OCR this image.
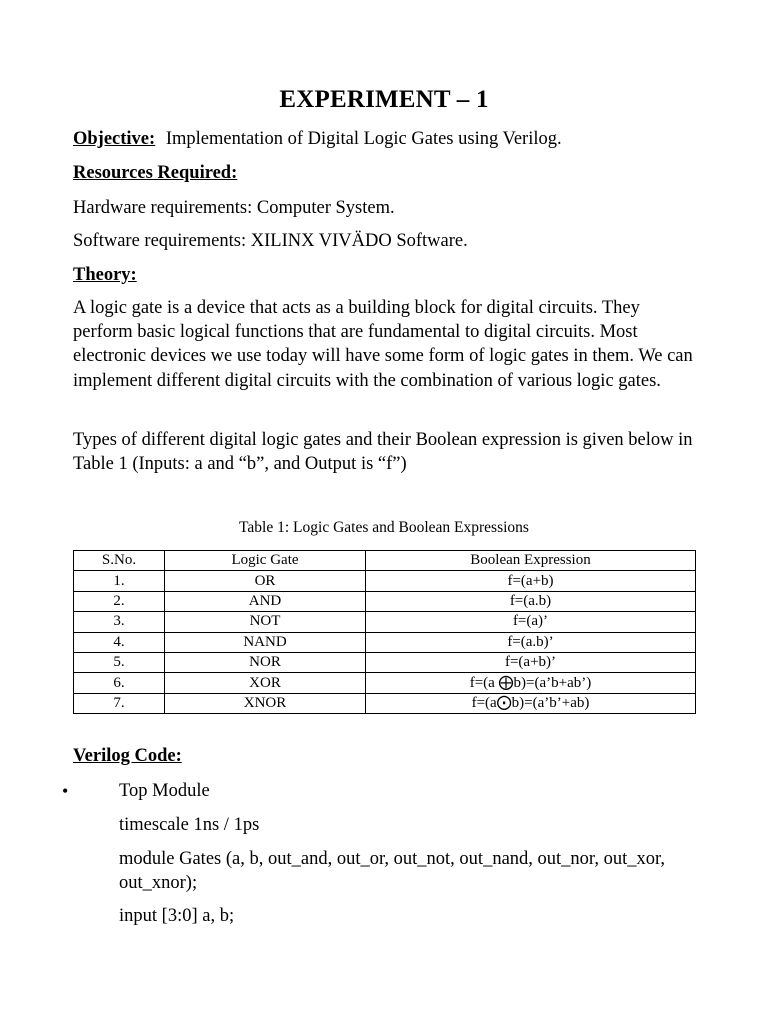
EXPERIMENT – 1
Objective: Implementation of Digital Logic Gates using Verilog.
Resources Required:
Hardware requirements: Computer System.
Software requirements: XILINX VIVÄDO Software.
Theory:

A logic gate is a device that acts as a building block for digital circuits. They perform basic logical functions that are fundamental to digital circuits. Most electronic devices we use today will have some form of logic gates in them. We can implement different digital circuits with the combination of various logic gates.

Types of different digital logic gates and their Boolean expression is given below in Table 1 (Inputs: a and “b”, and Output is “f”)

Table 1: Logic Gates and Boolean Expressions
S.No.	Logic Gate	Boolean Expression
1.	OR	f=(a+b)
2.	AND	f=(a.b)
3.	NOT	f=(a)’
4.	NAND	f=(a.b)’
5.	NOR	f=(a+b)’
6.	XOR	f=(a ⨁b)=(a’b+ab’)
7.	XNOR	f=(a⨀b)=(a’b’+ab)
Verilog Code:
•	Top Module
timescale 1ns / 1ps
module Gates (a, b, out_and, out_or, out_not, out_nand, out_nor, out_xor, out_xnor);
input [3:0] a, b;
